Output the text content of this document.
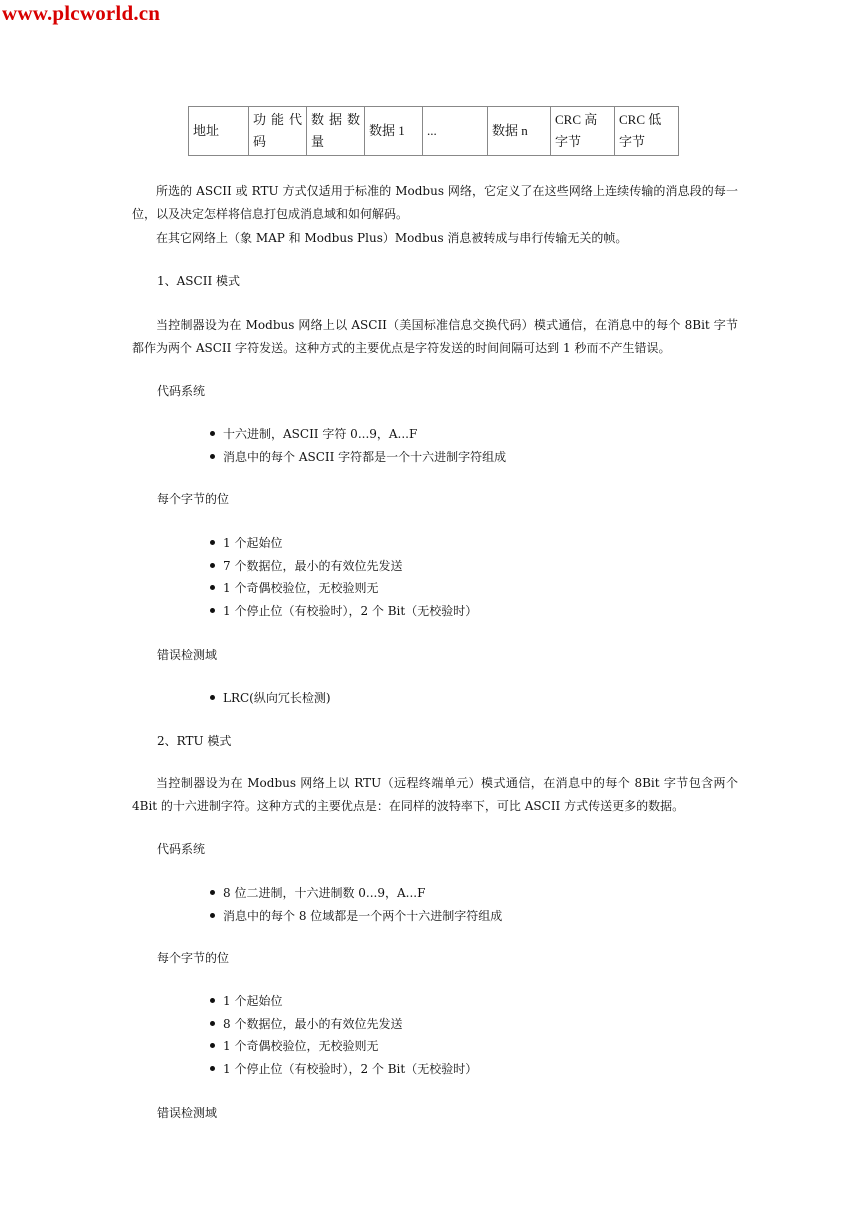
www.plcworld.cn
地址	功能代码	数据数量	数据 1	...	数据 n	CRC 高字节	CRC 低字节
所选的 ASCII 或 RTU 方式仅适用于标准的 Modbus 网络，它定义了在这些网络上连续传输的消息段的每一位，以及决定怎样将信息打包成消息域和如何解码。
在其它网络上（象 MAP 和 Modbus Plus）Modbus 消息被转成与串行传输无关的帧。
1、ASCII 模式
当控制器设为在 Modbus 网络上以 ASCII（美国标准信息交换代码）模式通信，在消息中的每个 8Bit 字节都作为两个 ASCII 字符发送。这种方式的主要优点是字符发送的时间间隔可达到 1 秒而不产生错误。
代码系统
十六进制，ASCII 字符 0...9，A...F
消息中的每个 ASCII 字符都是一个十六进制字符组成
每个字节的位
1 个起始位
7 个数据位，最小的有效位先发送
1 个奇偶校验位，无校验则无
1 个停止位（有校验时），2 个 Bit（无校验时）
错误检测域
LRC(纵向冗长检测)
2、RTU 模式
当控制器设为在 Modbus 网络上以 RTU（远程终端单元）模式通信，在消息中的每个 8Bit 字节包含两个 4Bit 的十六进制字符。这种方式的主要优点是：在同样的波特率下，可比 ASCII 方式传送更多的数据。
代码系统
8 位二进制，十六进制数 0...9，A...F
消息中的每个 8 位域都是一个两个十六进制字符组成
每个字节的位
1 个起始位
8 个数据位，最小的有效位先发送
1 个奇偶校验位，无校验则无
1 个停止位（有校验时），2 个 Bit（无校验时）
错误检测域
